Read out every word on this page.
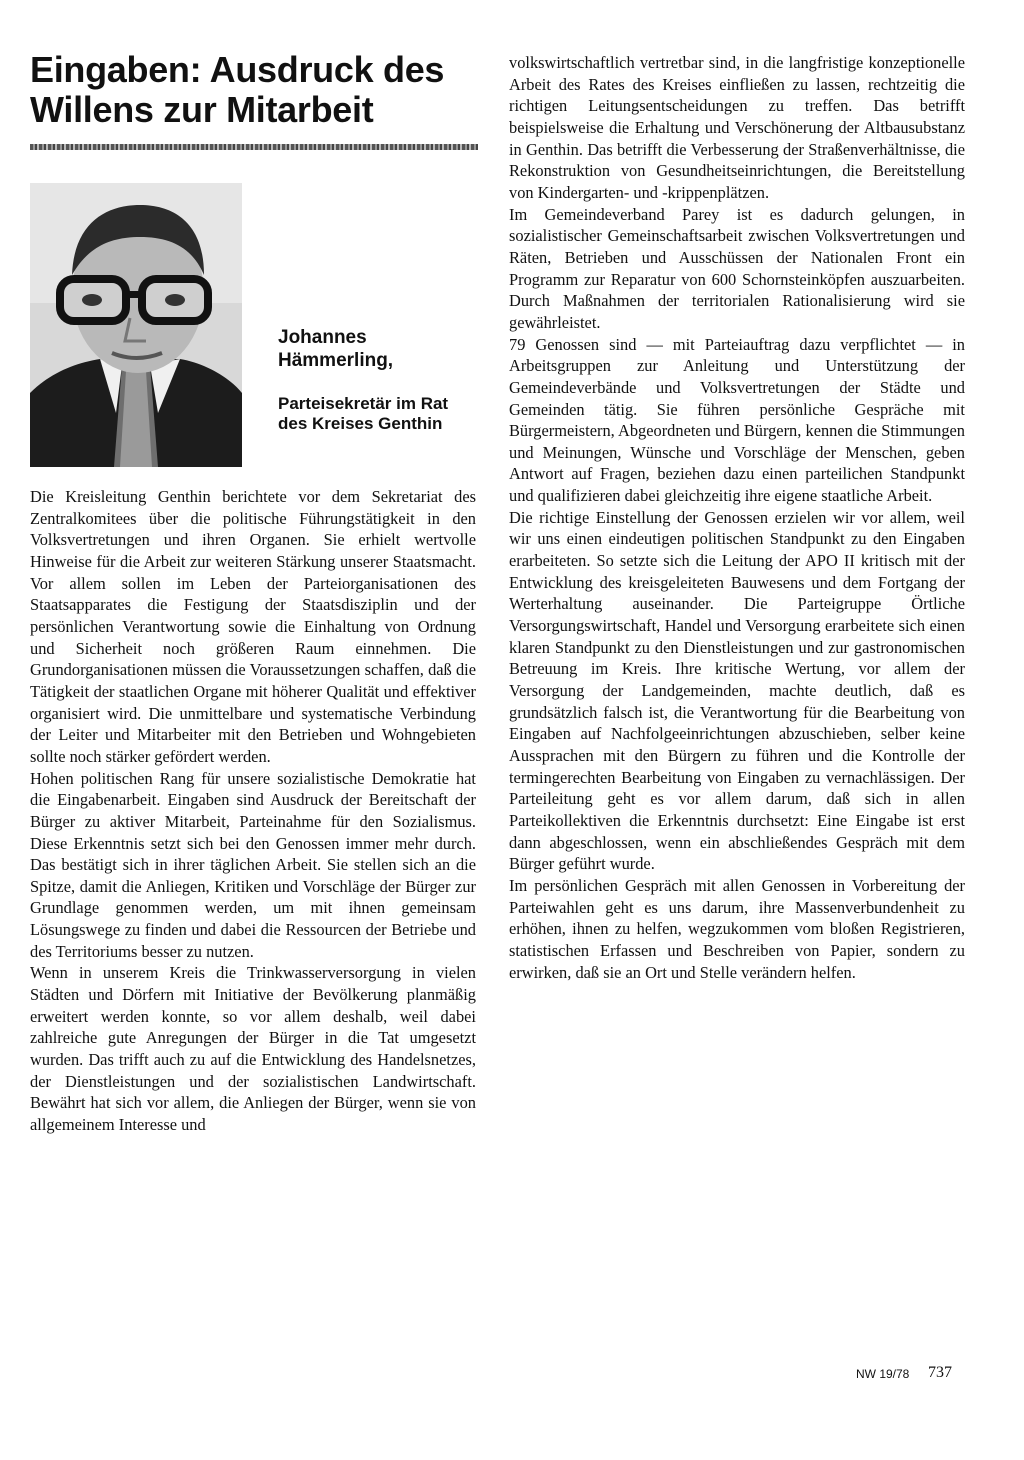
Eingaben: Ausdruck des Willens zur Mitarbeit

Johannes Hämmerling,

Parteisekretär im Rat des Kreises Genthin

Die Kreisleitung Genthin berichtete vor dem Sekretariat des Zentralkomitees über die politische Führungstätigkeit in den Volksvertretungen und ihren Organen. Sie erhielt wertvolle Hinweise für die Arbeit zur weiteren Stärkung unserer Staatsmacht. Vor allem sollen im Leben der Parteiorganisationen des Staatsapparates die Festigung der Staatsdisziplin und der persönlichen Verantwortung sowie die Einhaltung von Ordnung und Sicherheit noch größeren Raum einnehmen. Die Grundorganisationen müssen die Voraussetzungen schaffen, daß die Tätigkeit der staatlichen Organe mit höherer Qualität und effektiver organisiert wird. Die unmittelbare und systematische Verbindung der Leiter und Mitarbeiter mit den Betrieben und Wohngebieten sollte noch stärker gefördert werden.

Hohen politischen Rang für unsere sozialistische Demokratie hat die Eingabenarbeit. Eingaben sind Ausdruck der Bereitschaft der Bürger zu aktiver Mitarbeit, Parteinahme für den Sozialismus. Diese Erkenntnis setzt sich bei den Genossen immer mehr durch. Das bestätigt sich in ihrer täglichen Arbeit. Sie stellen sich an die Spitze, damit die Anliegen, Kritiken und Vorschläge der Bürger zur Grundlage genommen werden, um mit ihnen gemeinsam Lösungswege zu finden und dabei die Ressourcen der Betriebe und des Territoriums besser zu nutzen.

Wenn in unserem Kreis die Trinkwasserversorgung in vielen Städten und Dörfern mit Initiative der Bevölkerung planmäßig erweitert werden konnte, so vor allem deshalb, weil dabei zahlreiche gute Anregungen der Bürger in die Tat umgesetzt wurden. Das trifft auch zu auf die Entwicklung des Handelsnetzes, der Dienstleistungen und der sozialistischen Landwirtschaft. Bewährt hat sich vor allem, die Anliegen der Bürger, wenn sie von allgemeinem Interesse und

volkswirtschaftlich vertretbar sind, in die langfristige konzeptionelle Arbeit des Rates des Kreises einfließen zu lassen, rechtzeitig die richtigen Leitungsentscheidungen zu treffen. Das betrifft beispielsweise die Erhaltung und Verschönerung der Altbausubstanz in Genthin. Das betrifft die Verbesserung der Straßenverhältnisse, die Rekonstruktion von Gesundheitseinrichtungen, die Bereitstellung von Kindergarten- und -krippenplätzen.

Im Gemeindeverband Parey ist es dadurch gelungen, in sozialistischer Gemeinschaftsarbeit zwischen Volksvertretungen und Räten, Betrieben und Ausschüssen der Nationalen Front ein Programm zur Reparatur von 600 Schornsteinköpfen auszuarbeiten. Durch Maßnahmen der territorialen Rationalisierung wird sie gewährleistet.

79 Genossen sind — mit Parteiauftrag dazu verpflichtet — in Arbeitsgruppen zur Anleitung und Unterstützung der Gemeindeverbände und Volksvertretungen der Städte und Gemeinden tätig. Sie führen persönliche Gespräche mit Bürgermeistern, Abgeordneten und Bürgern, kennen die Stimmungen und Meinungen, Wünsche und Vorschläge der Menschen, geben Antwort auf Fragen, beziehen dazu einen parteilichen Standpunkt und qualifizieren dabei gleichzeitig ihre eigene staatliche Arbeit.

Die richtige Einstellung der Genossen erzielen wir vor allem, weil wir uns einen eindeutigen politischen Standpunkt zu den Eingaben erarbeiteten. So setzte sich die Leitung der APO II kritisch mit der Entwicklung des kreisgeleiteten Bauwesens und dem Fortgang der Werterhaltung auseinander. Die Parteigruppe Örtliche Versorgungswirtschaft, Handel und Versorgung erarbeitete sich einen klaren Standpunkt zu den Dienstleistungen und zur gastronomischen Betreuung im Kreis. Ihre kritische Wertung, vor allem der Versorgung der Landgemeinden, machte deutlich, daß es grundsätzlich falsch ist, die Verantwortung für die Bearbeitung von Eingaben auf Nachfolgeeinrichtungen abzuschieben, selber keine Aussprachen mit den Bürgern zu führen und die Kontrolle der termingerechten Bearbeitung von Eingaben zu vernachlässigen. Der Parteileitung geht es vor allem darum, daß sich in allen Parteikollektiven die Erkenntnis durchsetzt: Eine Eingabe ist erst dann abgeschlossen, wenn ein abschließendes Gespräch mit dem Bürger geführt wurde.

Im persönlichen Gespräch mit allen Genossen in Vorbereitung der Parteiwahlen geht es uns darum, ihre Massenverbundenheit zu erhöhen, ihnen zu helfen, wegzukommen vom bloßen Registrieren, statistischen Erfassen und Beschreiben von Papier, sondern zu erwirken, daß sie an Ort und Stelle verändern helfen.

NW 19/78 737
